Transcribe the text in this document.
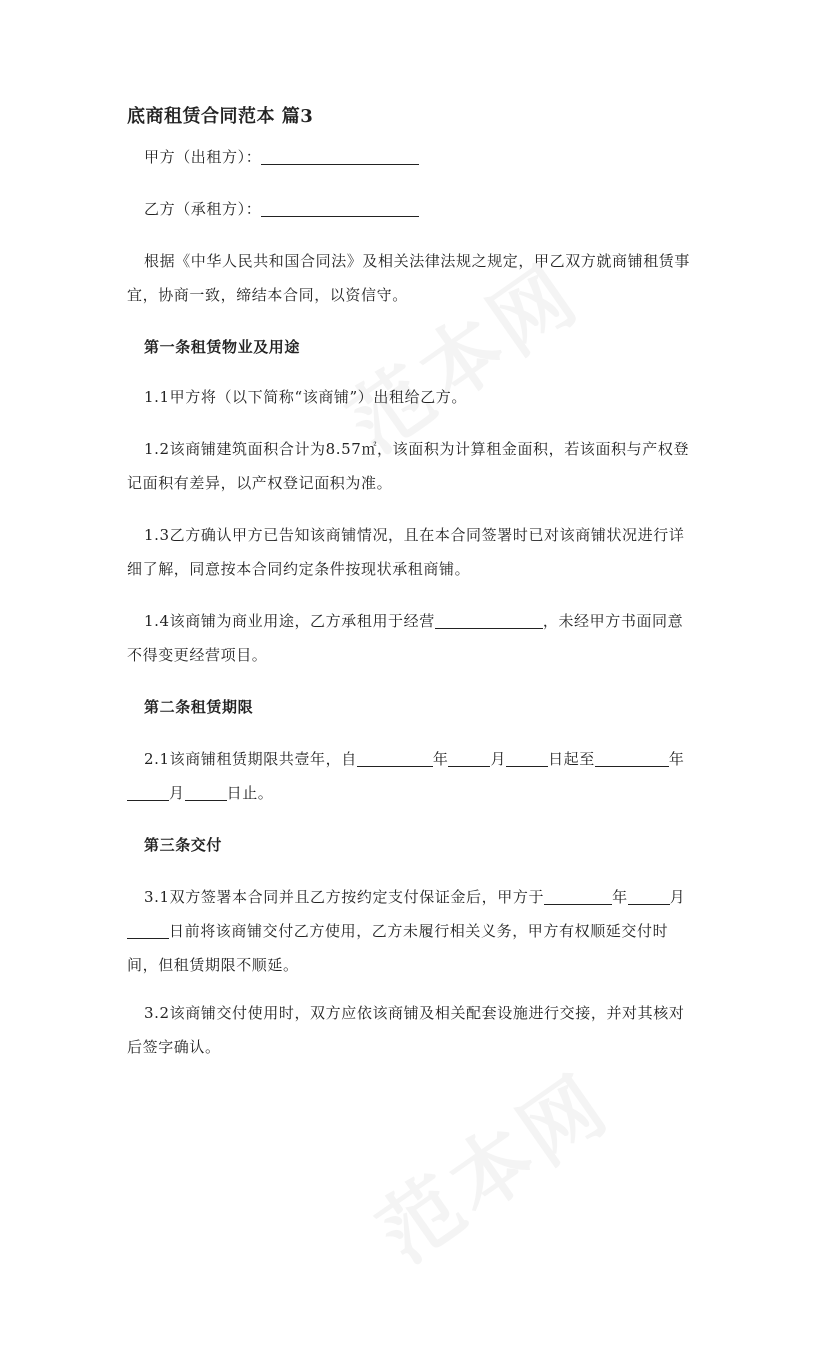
底商租赁合同范本 篇3
甲方（出租方）：
乙方（承租方）：
根据《中华人民共和国合同法》及相关法律法规之规定，甲乙双方就商铺租赁事宜，协商一致，缔结本合同，以资信守。
第一条租赁物业及用途
1.1甲方将（以下简称“该商铺”）出租给乙方。
1.2该商铺建筑面积合计为8.57㎡，该面积为计算租金面积，若该面积与产权登记面积有差异，以产权登记面积为准。
1.3乙方确认甲方已告知该商铺情况，且在本合同签署时已对该商铺状况进行详细了解，同意按本合同约定条件按现状承租商铺。
1.4该商铺为商业用途，乙方承租用于经营	，未经甲方书面同意不得变更经营项目。
第二条租赁期限
2.1该商铺租赁期限共壹年，自	年	月	日起至	年月	日止。
第三条交付
3.1双方签署本合同并且乙方按约定支付保证金后，甲方于	年	月日前将该商铺交付乙方使用，乙方未履行相关义务，甲方有权顺延交付时间，但租赁期限不顺延。
3.2该商铺交付使用时，双方应依该商铺及相关配套设施进行交接，并对其核对后签字确认。
